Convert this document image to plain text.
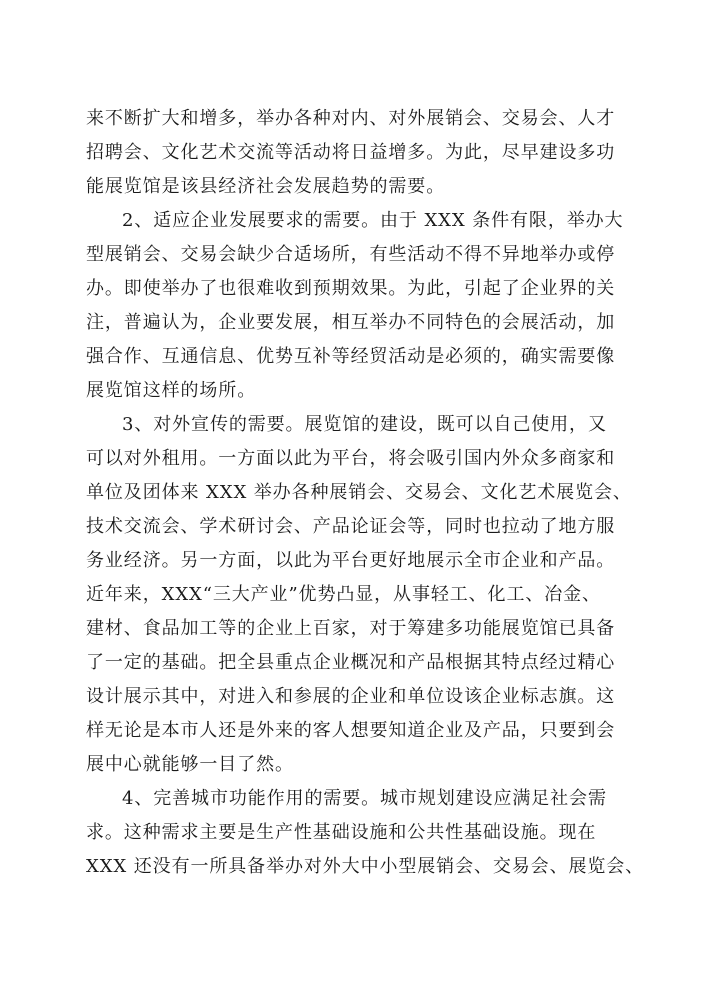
来不断扩大和增多，举办各种对内、对外展销会、交易会、人才
招聘会、文化艺术交流等活动将日益增多。为此，尽早建设多功
能展览馆是该县经济社会发展趋势的需要。
2、适应企业发展要求的需要。由于 XXX 条件有限，举办大
型展销会、交易会缺少合适场所，有些活动不得不异地举办或停
办。即使举办了也很难收到预期效果。为此，引起了企业界的关
注，普遍认为，企业要发展，相互举办不同特色的会展活动，加
强合作、互通信息、优势互补等经贸活动是必须的，确实需要像
展览馆这样的场所。
3、对外宣传的需要。展览馆的建设，既可以自己使用，又
可以对外租用。一方面以此为平台，将会吸引国内外众多商家和
单位及团体来 XXX 举办各种展销会、交易会、文化艺术展览会、
技术交流会、学术研讨会、产品论证会等，同时也拉动了地方服
务业经济。另一方面，以此为平台更好地展示全市企业和产品。
近年来，XXX“三大产业”优势凸显，从事轻工、化工、冶金、
建材、食品加工等的企业上百家，对于筹建多功能展览馆已具备
了一定的基础。把全县重点企业概况和产品根据其特点经过精心
设计展示其中，对进入和参展的企业和单位设该企业标志旗。这
样无论是本市人还是外来的客人想要知道企业及产品，只要到会
展中心就能够一目了然。
4、完善城市功能作用的需要。城市规划建设应满足社会需
求。这种需求主要是生产性基础设施和公共性基础设施。现在
XXX 还没有一所具备举办对外大中小型展销会、交易会、展览会、
